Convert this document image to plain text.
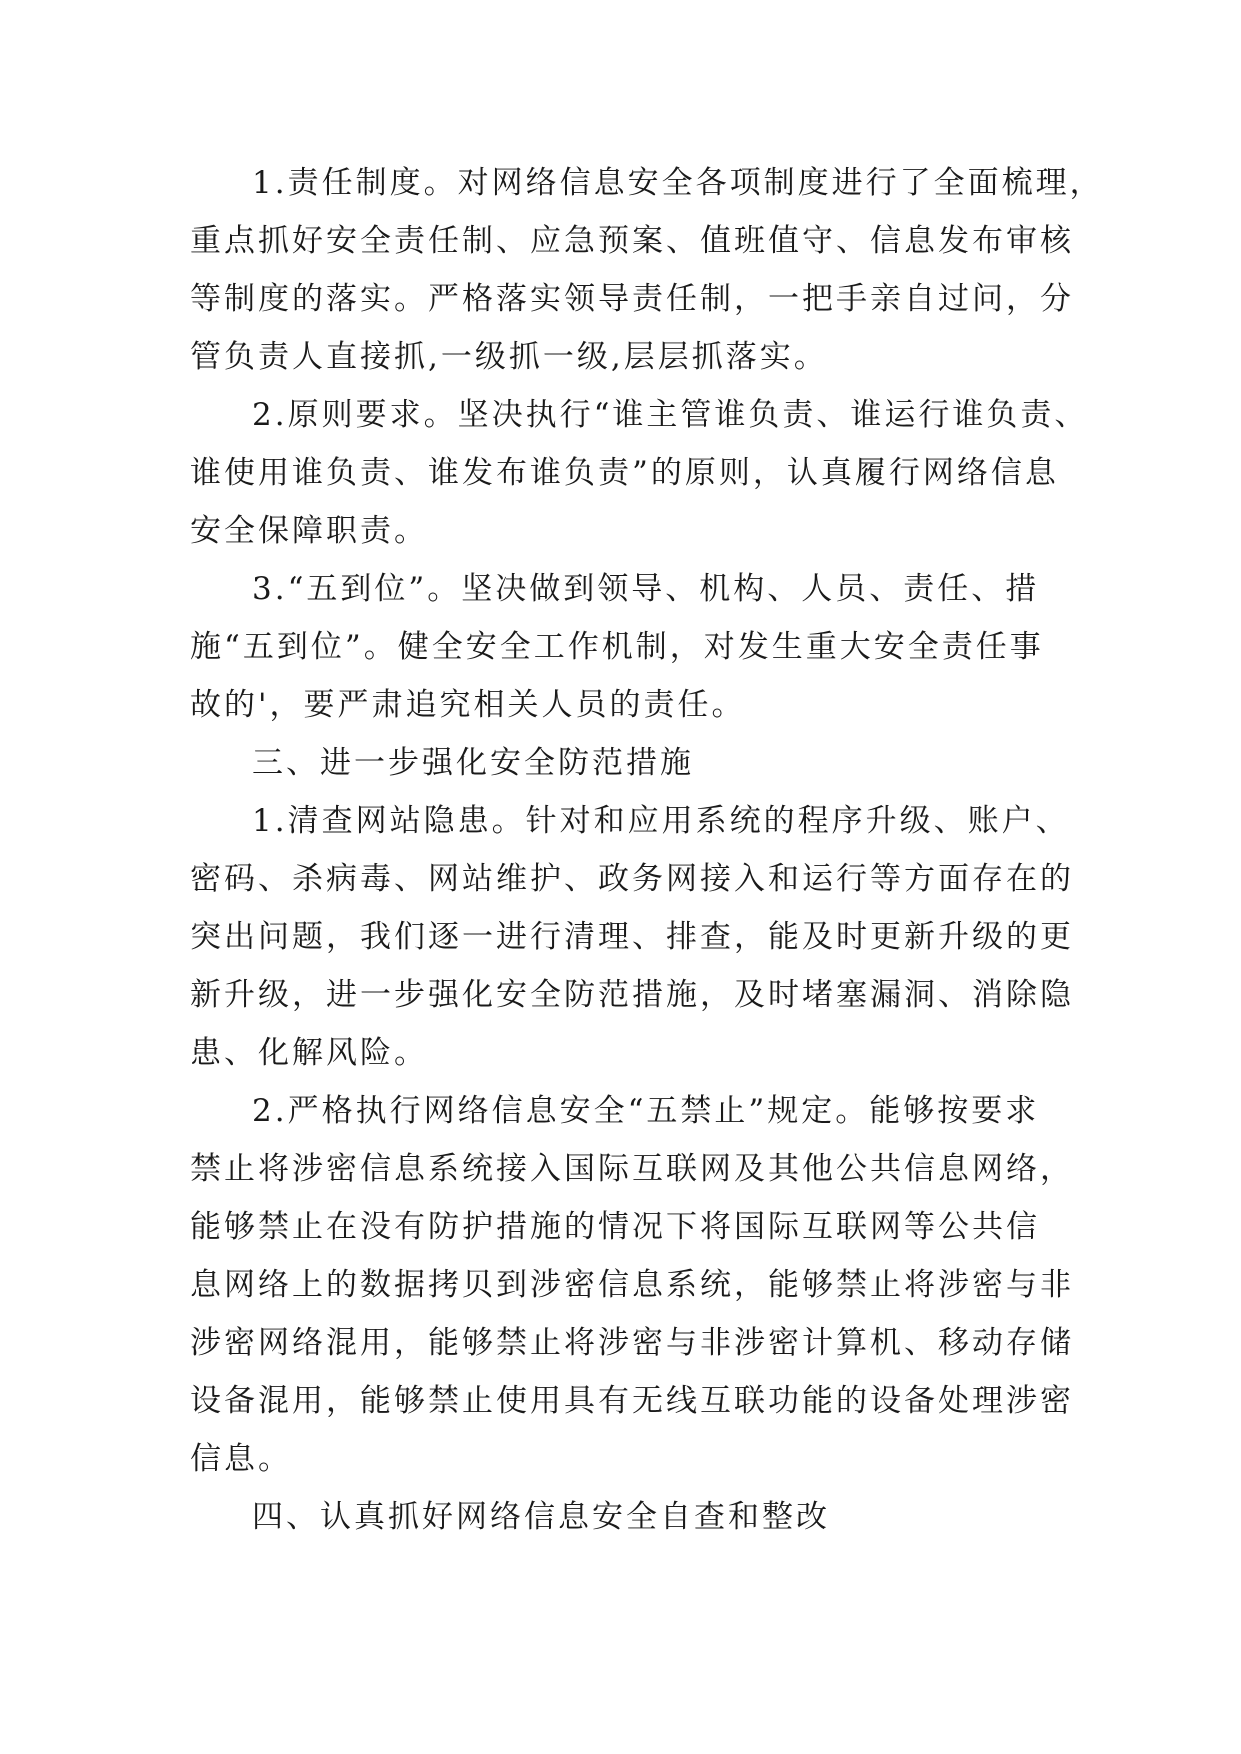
1.责任制度。对网络信息安全各项制度进行了全面梳理，
重点抓好安全责任制、应急预案、值班值守、信息发布审核
等制度的落实。严格落实领导责任制，一把手亲自过问，分
管负责人直接抓,一级抓一级,层层抓落实。
2.原则要求。坚决执行“谁主管谁负责、谁运行谁负责、
谁使用谁负责、谁发布谁负责”的原则，认真履行网络信息
安全保障职责。
3.“五到位”。坚决做到领导、机构、人员、责任、措
施“五到位”。健全安全工作机制，对发生重大安全责任事
故的'，要严肃追究相关人员的责任。
三、进一步强化安全防范措施
1.清查网站隐患。针对和应用系统的程序升级、账户、
密码、杀病毒、网站维护、政务网接入和运行等方面存在的
突出问题，我们逐一进行清理、排查，能及时更新升级的更
新升级，进一步强化安全防范措施，及时堵塞漏洞、消除隐
患、化解风险。
2.严格执行网络信息安全“五禁止”规定。能够按要求
禁止将涉密信息系统接入国际互联网及其他公共信息网络，
能够禁止在没有防护措施的情况下将国际互联网等公共信
息网络上的数据拷贝到涉密信息系统，能够禁止将涉密与非
涉密网络混用，能够禁止将涉密与非涉密计算机、移动存储
设备混用，能够禁止使用具有无线互联功能的设备处理涉密
信息。
四、认真抓好网络信息安全自查和整改
